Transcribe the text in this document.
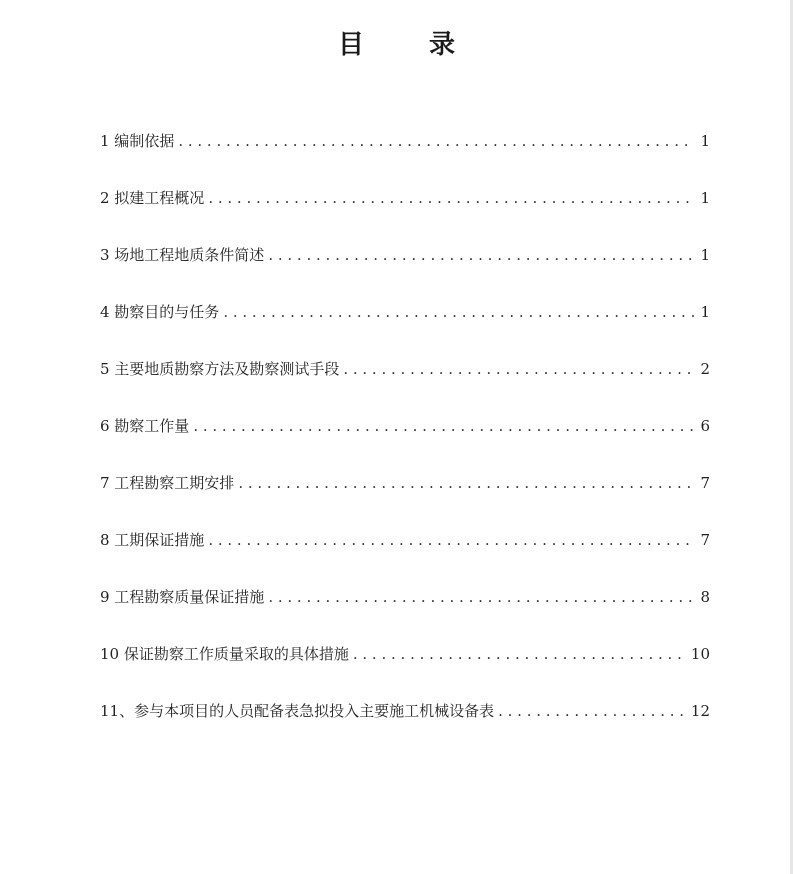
目 录
1 编制依据 . . .	1
2 拟建工程概况 . . .	1
3 场地工程地质条件简述 . . .	1
4 勘察目的与任务 . . .	1
5 主要地质勘察方法及勘察测试手段 . . .	2
6 勘察工作量 . . .	6
7 工程勘察工期安排 . . .	7
8 工期保证措施 . . .	7
9 工程勘察质量保证措施 . . .	8
10 保证勘察工作质量采取的具体措施 . . .	10
11、参与本项目的人员配备表急拟投入主要施工机械设备表 . . .	12
